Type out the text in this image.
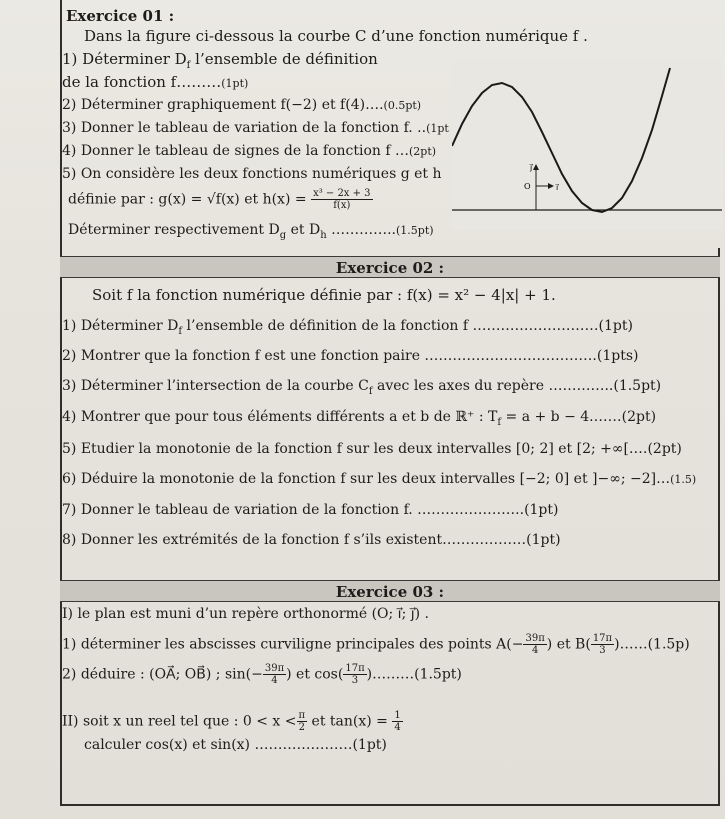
Exercice 01 :
Dans la figure ci-dessous la courbe C d’une fonction numérique f .
1) Déterminer $D_f$ l’ensemble de définition
de la fonction f………(1pt)
2) Déterminer graphiquement f(−2) et f(4)….(0.5pt)
3) Donner le tableau de variation de la fonction f. ..(1pt
4) Donner le tableau de signes de la fonction f …(2pt)
5) On considère les deux fonctions numériques g et h
définie par : g(x) = √f(x) et $h(x) = \frac{\text{x³ − 2x + 3}}{f(x)}$
Déterminer respectivement $D_g$ et $D_h$ …………..(1.5pt)
O	i⃗
j⃗
Exercice 02 :
Soit f la fonction numérique définie par : f(x) = x² − 4|x| + 1.
1) Déterminer $D_f$ l’ensemble de définition de la fonction f ………………………(1pt)
2) Montrer que la fonction f est une fonction paire ……………………………….(1pts)
3) Déterminer l’intersection de la courbe $C_f$ avec les axes du repère …………..(1.5pt)
4) Montrer que pour tous éléments différents a et b de ℝ⁺ : $T_f = a + b$ − 4.……(2pt)
5) Etudier la monotonie de la fonction f sur les deux intervalles [0; 2] et [2; +∞[.…(2pt)
6) Déduire la monotonie de la fonction f sur les deux intervalles [−2; 0] et ]−∞; −2]…(1.5)
7) Donner le tableau de variation de la fonction f. …………………..(1pt)
8) Donner les extrémités de la fonction f s’ils existent………………(1pt)
Exercice 03 :
I) le plan est muni d’un repère orthonormé (O; i⃗; j⃗) .
1) déterminer les abscisses curviligne principales des points $A(- \frac{39\pi}{4}$ ) et $B( \frac{17\pi}{3}$ )……(1.5p)
2) déduire : (OA⃗; OB⃗) ; $\sin(- \frac{39\pi}{4}$ ) et $\cos( \frac{17\pi}{3}$ )………(1.5pt)
II) soit x un reel tel que : $0 < x < \frac{\pi}{2}$ et $\tan(x) = \frac{1}{4}$
calculer cos(x) et sin(x) …………………(1pt)
